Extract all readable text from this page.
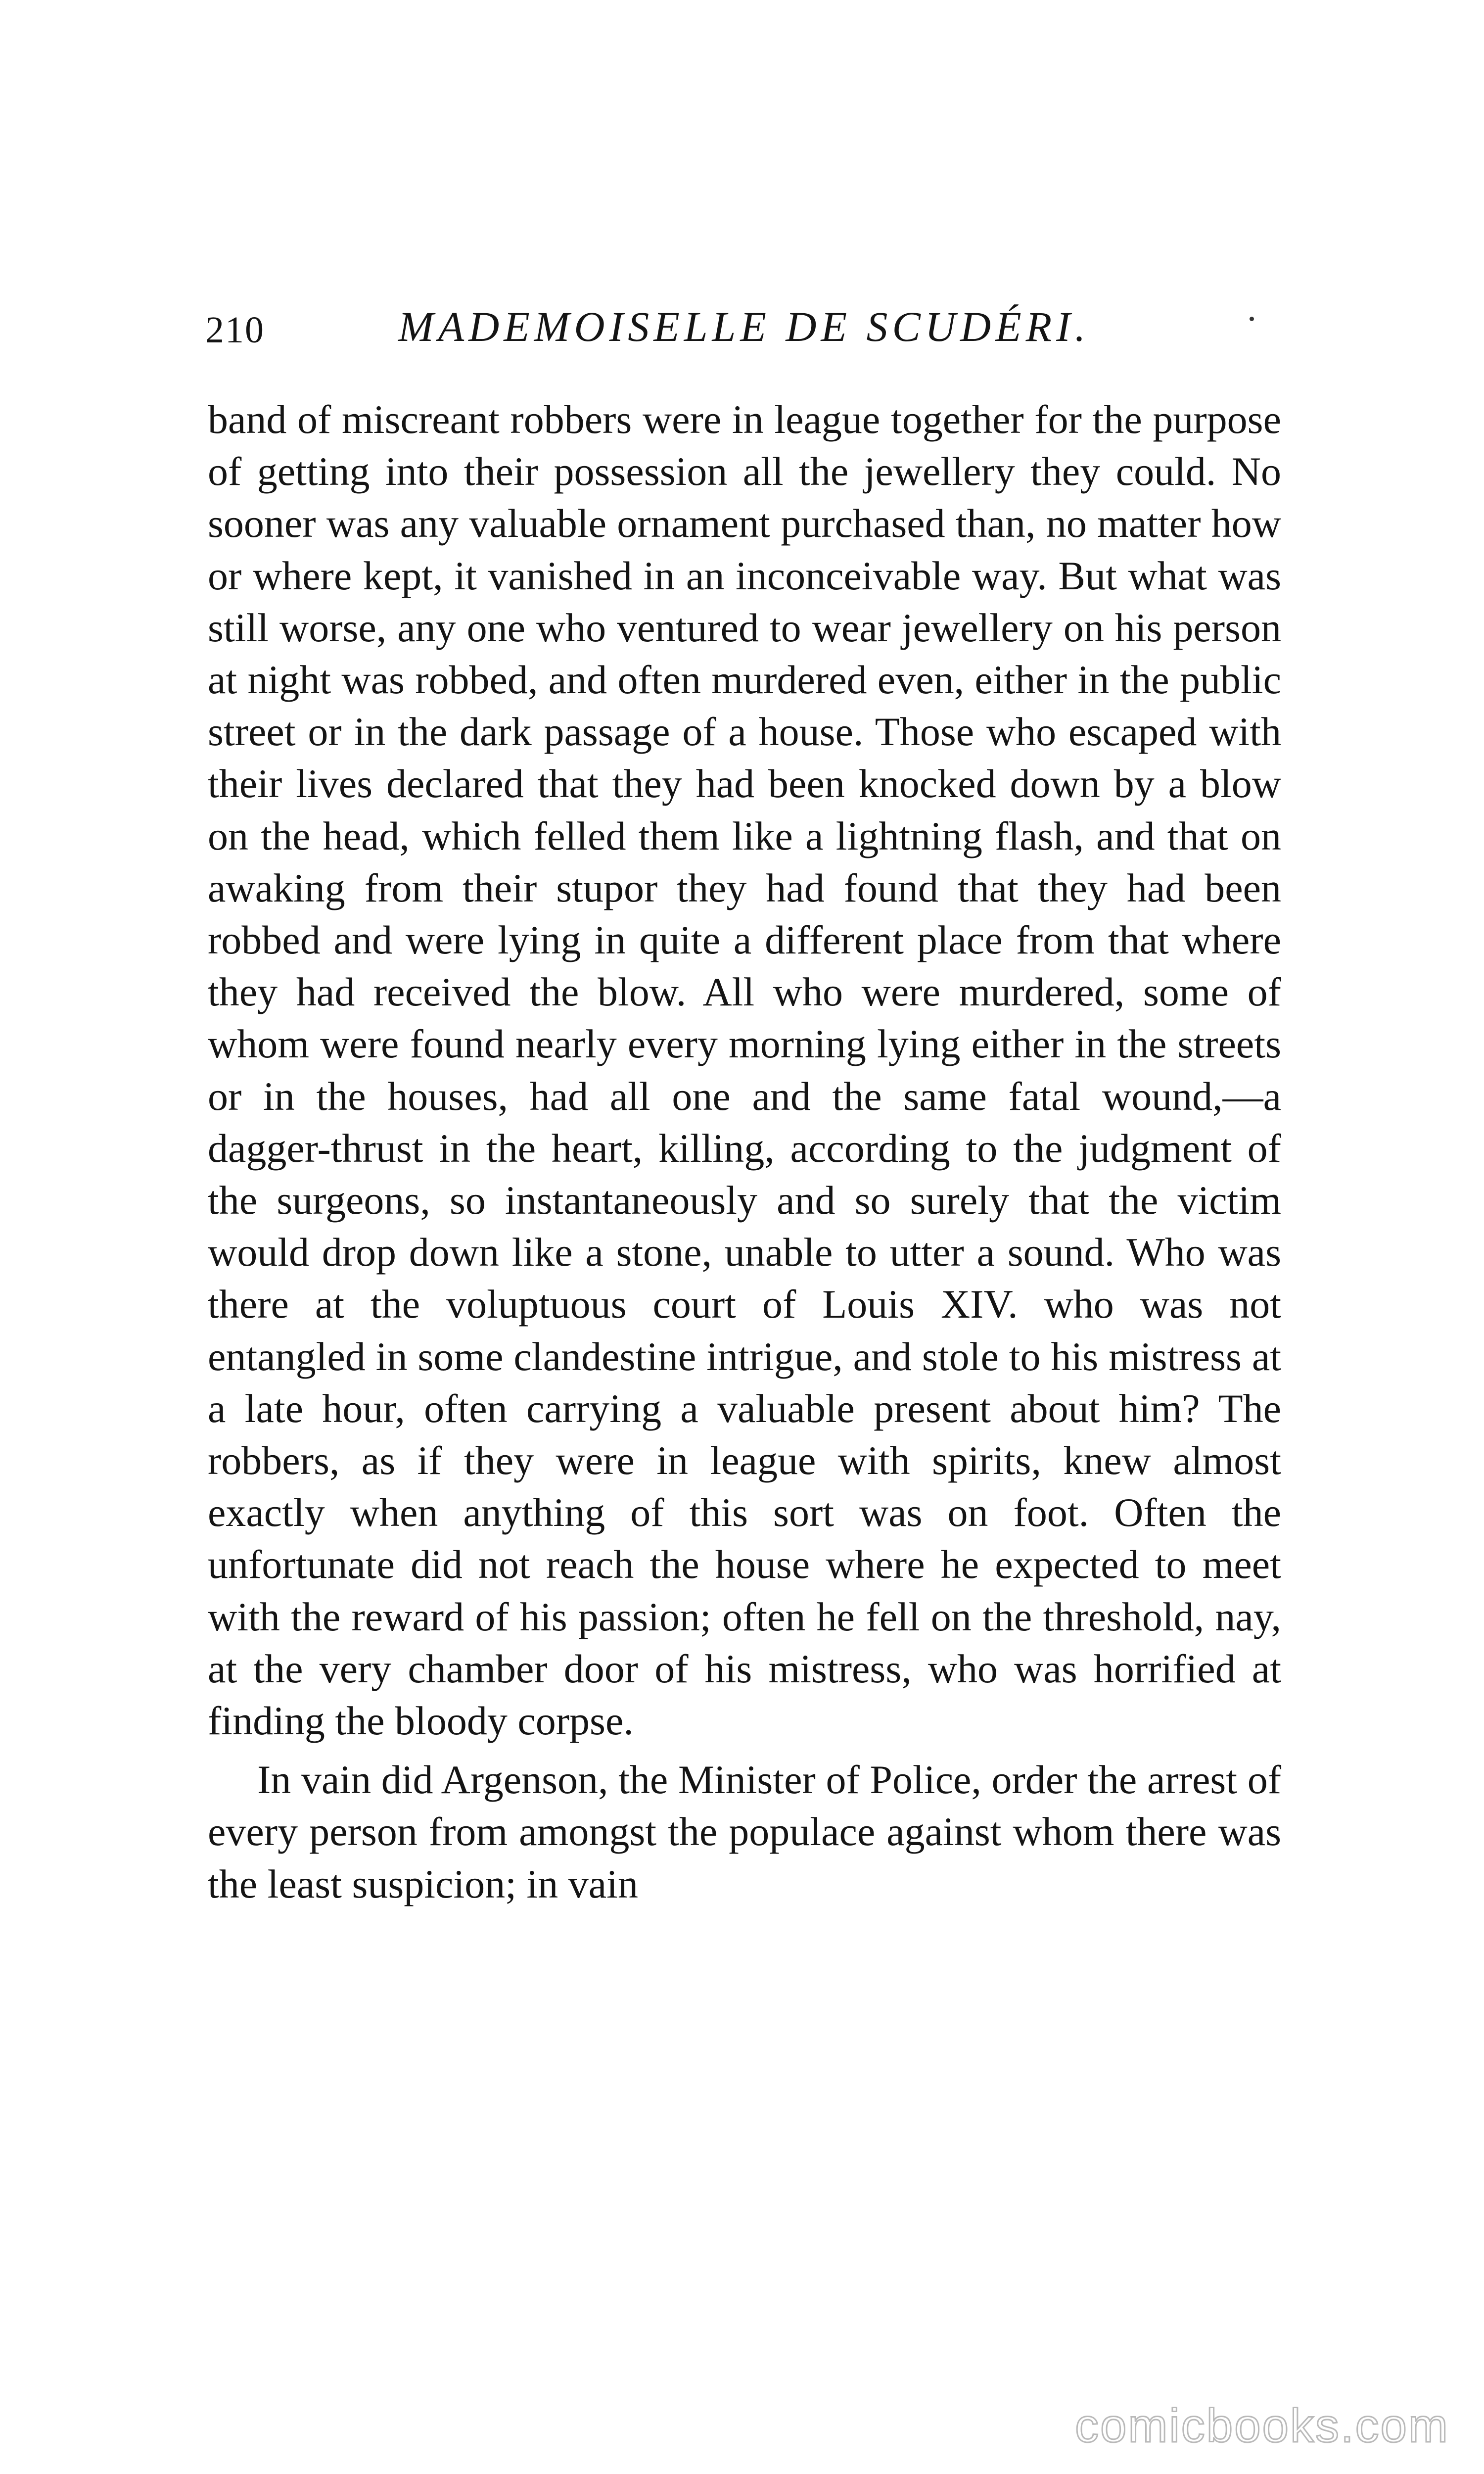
210	MADEMOISELLE DE SCUDÉRI.

band of miscreant robbers were in league together for the purpose of getting into their possession all the jewellery they could. No sooner was any valuable ornament purchased than, no matter how or where kept, it vanished in an inconceivable way. But what was still worse, any one who ventured to wear jewellery on his person at night was robbed, and often murdered even, either in the public street or in the dark passage of a house. Those who escaped with their lives declared that they had been knocked down by a blow on the head, which felled them like a lightning flash, and that on awaking from their stupor they had found that they had been robbed and were lying in quite a different place from that where they had received the blow. All who were murdered, some of whom were found nearly every morning lying either in the streets or in the houses, had all one and the same fatal wound,—a dagger-thrust in the heart, killing, according to the judgment of the surgeons, so instantaneously and so surely that the victim would drop down like a stone, unable to utter a sound. Who was there at the voluptuous court of Louis XIV. who was not entangled in some clandestine intrigue, and stole to his mistress at a late hour, often carrying a valuable present about him? The robbers, as if they were in league with spirits, knew almost exactly when anything of this sort was on foot. Often the unfortunate did not reach the house where he expected to meet with the reward of his passion; often he fell on the threshold, nay, at the very chamber door of his mistress, who was horrified at finding the bloody corpse.

In vain did Argenson, the Minister of Police, order the arrest of every person from amongst the populace against whom there was the least suspicion; in vain

comicbooks.com
